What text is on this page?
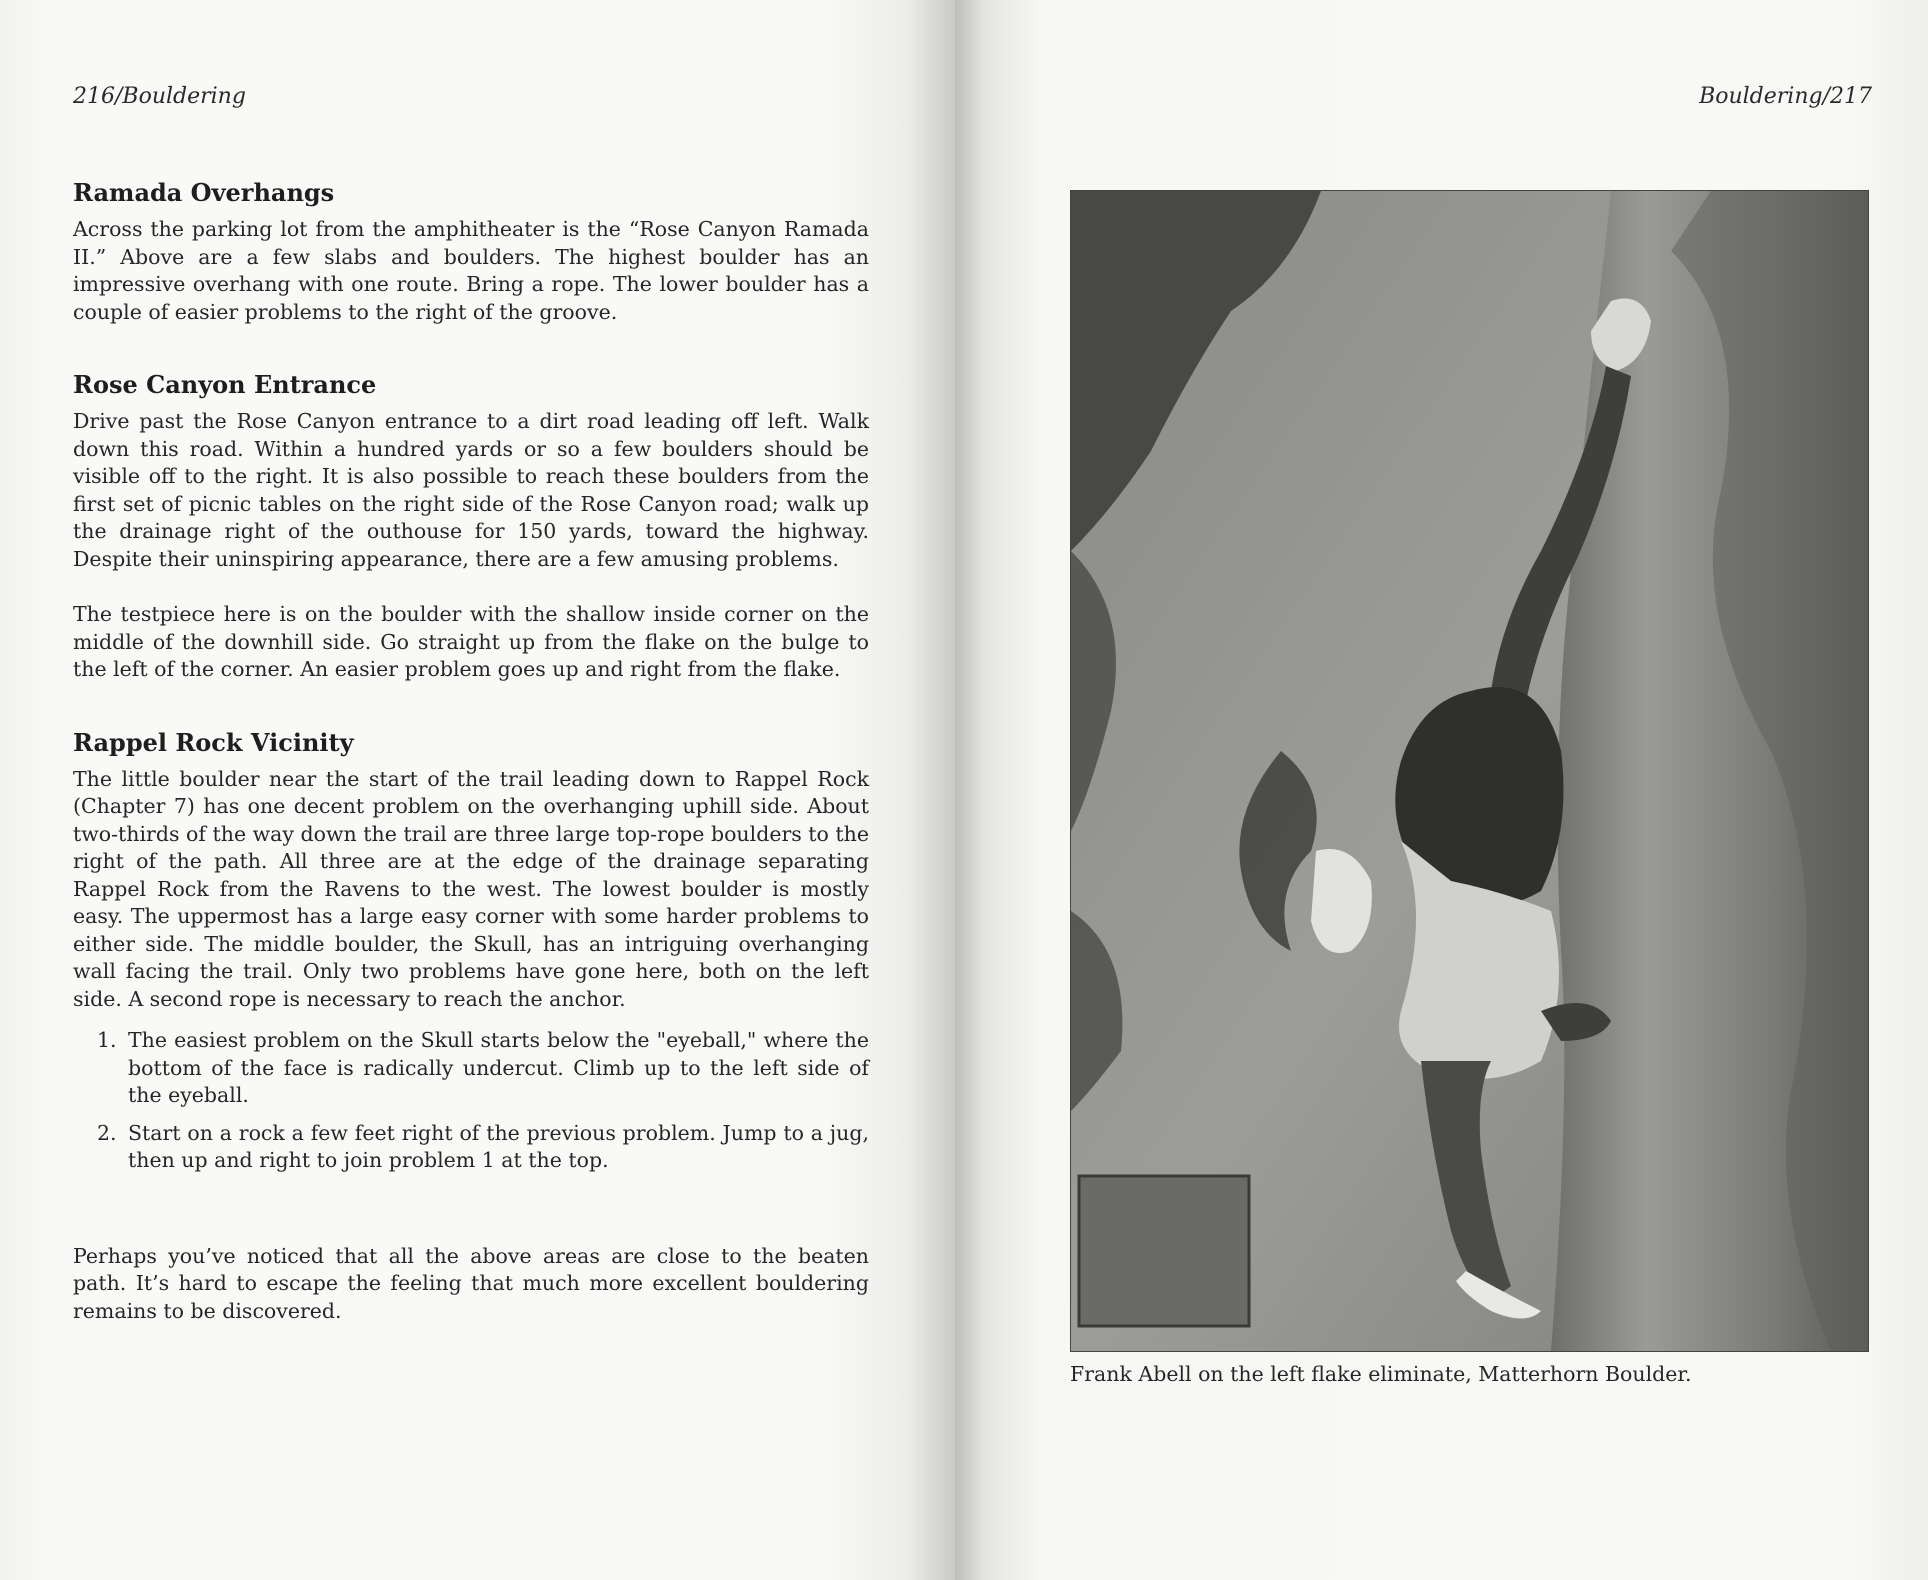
216/Bouldering
Ramada Overhangs

Across the parking lot from the amphitheater is the “Rose Canyon Ramada II.” Above are a few slabs and boulders. The highest boulder has an impressive overhang with one route. Bring a rope. The lower boulder has a couple of easier problems to the right of the groove.

Rose Canyon Entrance

Drive past the Rose Canyon entrance to a dirt road leading off left. Walk down this road. Within a hundred yards or so a few boulders should be visible off to the right. It is also possible to reach these boulders from the first set of picnic tables on the right side of the Rose Canyon road; walk up the drainage right of the outhouse for 150 yards, toward the highway. Despite their uninspiring appearance, there are a few amusing problems.

The testpiece here is on the boulder with the shallow inside corner on the middle of the downhill side. Go straight up from the flake on the bulge to the left of the corner. An easier problem goes up and right from the flake.

Rappel Rock Vicinity

The little boulder near the start of the trail leading down to Rappel Rock (Chapter 7) has one decent problem on the overhanging uphill side. About two-thirds of the way down the trail are three large top-rope boulders to the right of the path. All three are at the edge of the drainage separating Rappel Rock from the Ravens to the west. The lowest boulder is mostly easy. The uppermost has a large easy corner with some harder problems to either side. The middle boulder, the Skull, has an intriguing overhanging wall facing the trail. Only two problems have gone here, both on the left side. A second rope is necessary to reach the anchor.

1. The easiest problem on the Skull starts below the "eyeball," where the bottom of the face is radically undercut. Climb up to the left side of the eyeball.
2. Start on a rock a few feet right of the previous problem. Jump to a jug, then up and right to join problem 1 at the top.

Perhaps you’ve noticed that all the above areas are close to the beaten path. It’s hard to escape the feeling that much more excellent bouldering remains to be discovered.

Bouldering/217
Frank Abell on the left flake eliminate, Matterhorn Boulder.
